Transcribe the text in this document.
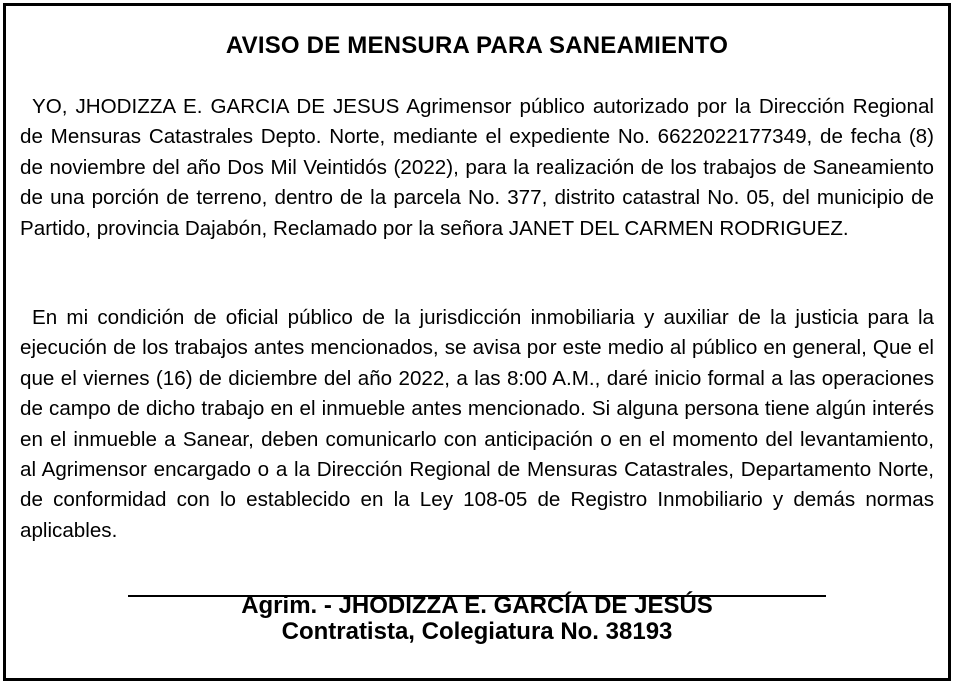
AVISO DE MENSURA PARA SANEAMIENTO
YO, JHODIZZA E. GARCIA DE JESUS Agrimensor público autorizado por la Dirección Regional de Mensuras Catastrales Depto. Norte, mediante el expediente No. 6622022177349, de fecha (8) de noviembre del año Dos Mil Veintidós (2022), para la realización de los trabajos de Saneamiento de una porción de terreno, dentro de la parcela No. 377, distrito catastral No. 05, del municipio de Partido, provincia Dajabón, Reclamado por la señora JANET DEL CARMEN RODRIGUEZ.
En mi condición de oficial público de la jurisdicción inmobiliaria y auxiliar de la justicia para la ejecución de los trabajos antes mencionados, se avisa por este medio al público en general, Que el que el viernes (16) de diciembre del año 2022, a las 8:00 A.M., daré inicio formal a las operaciones de campo de dicho trabajo en el inmueble antes mencionado. Si alguna persona tiene algún interés en el inmueble a Sanear, deben comunicarlo con anticipación o en el momento del levantamiento, al Agrimensor encargado o a la Dirección Regional de Mensuras Catastrales, Departamento Norte, de conformidad con lo establecido en la Ley 108-05 de Registro Inmobiliario y demás normas aplicables.
Agrim. - JHODIZZA E. GARCÍA DE JESÚS
Contratista, Colegiatura No. 38193
